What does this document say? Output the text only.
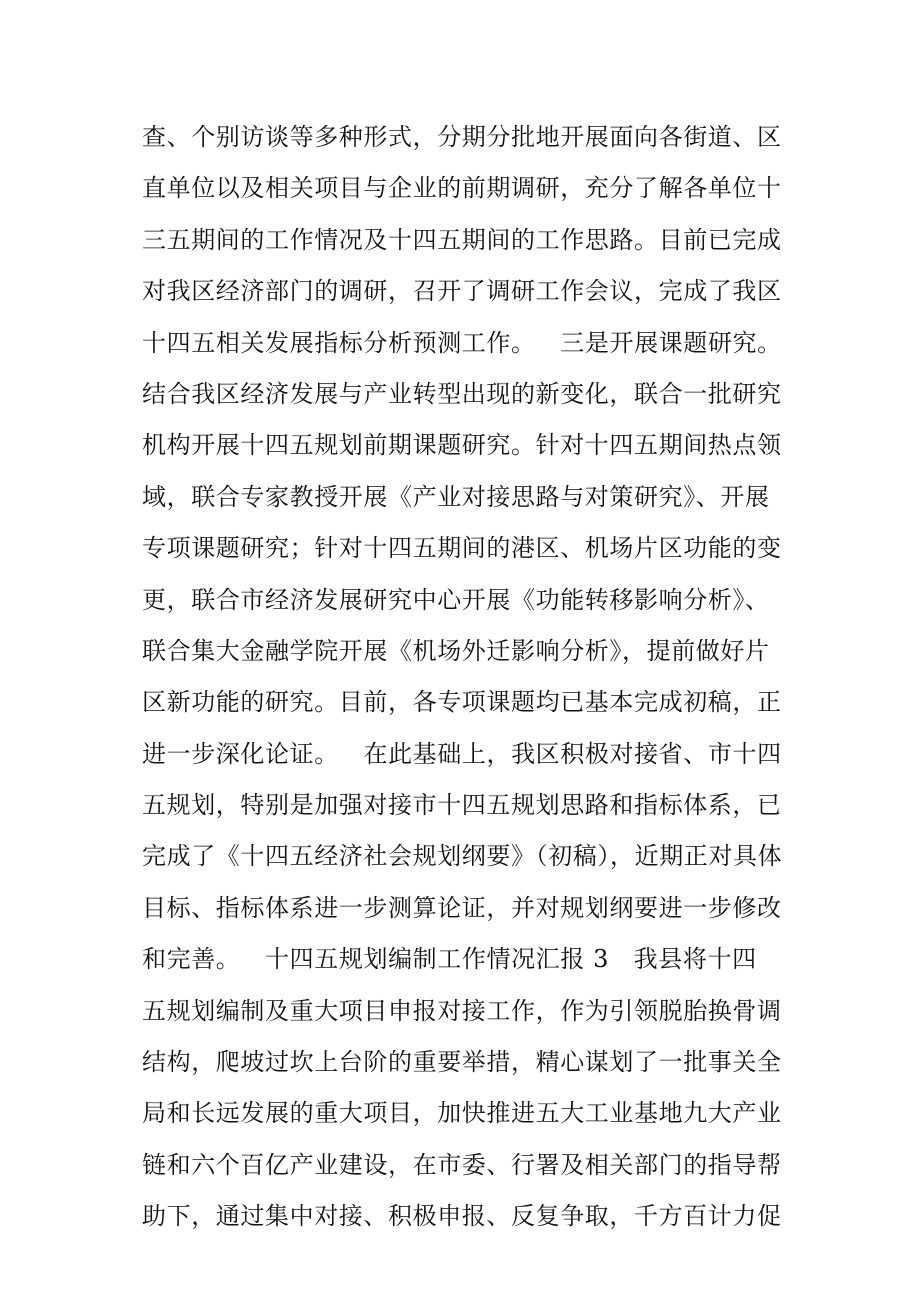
查、个别访谈等多种形式，分期分批地开展面向各街道、区
直单位以及相关项目与企业的前期调研，充分了解各单位十
三五期间的工作情况及十四五期间的工作思路。目前已完成
对我区经济部门的调研，召开了调研工作会议，完成了我区
十四五相关发展指标分析预测工作。   三是开展课题研究。
结合我区经济发展与产业转型出现的新变化，联合一批研究
机构开展十四五规划前期课题研究。针对十四五期间热点领
域，联合专家教授开展《产业对接思路与对策研究》、开展
专项课题研究；针对十四五期间的港区、机场片区功能的变
更，联合市经济发展研究中心开展《功能转移影响分析》、
联合集大金融学院开展《机场外迁影响分析》，提前做好片
区新功能的研究。目前，各专项课题均已基本完成初稿，正
进一步深化论证。   在此基础上，我区积极对接省、市十四
五规划，特别是加强对接市十四五规划思路和指标体系，已
完成了《十四五经济社会规划纲要》（初稿），近期正对具体
目标、指标体系进一步测算论证，并对规划纲要进一步修改
和完善。   十四五规划编制工作情况汇报 3   我县将十四
五规划编制及重大项目申报对接工作，作为引领脱胎换骨调
结构，爬坡过坎上台阶的重要举措，精心谋划了一批事关全
局和长远发展的重大项目，加快推进五大工业基地九大产业
链和六个百亿产业建设，在市委、行署及相关部门的指导帮
助下，通过集中对接、积极申报、反复争取，千方百计力促
